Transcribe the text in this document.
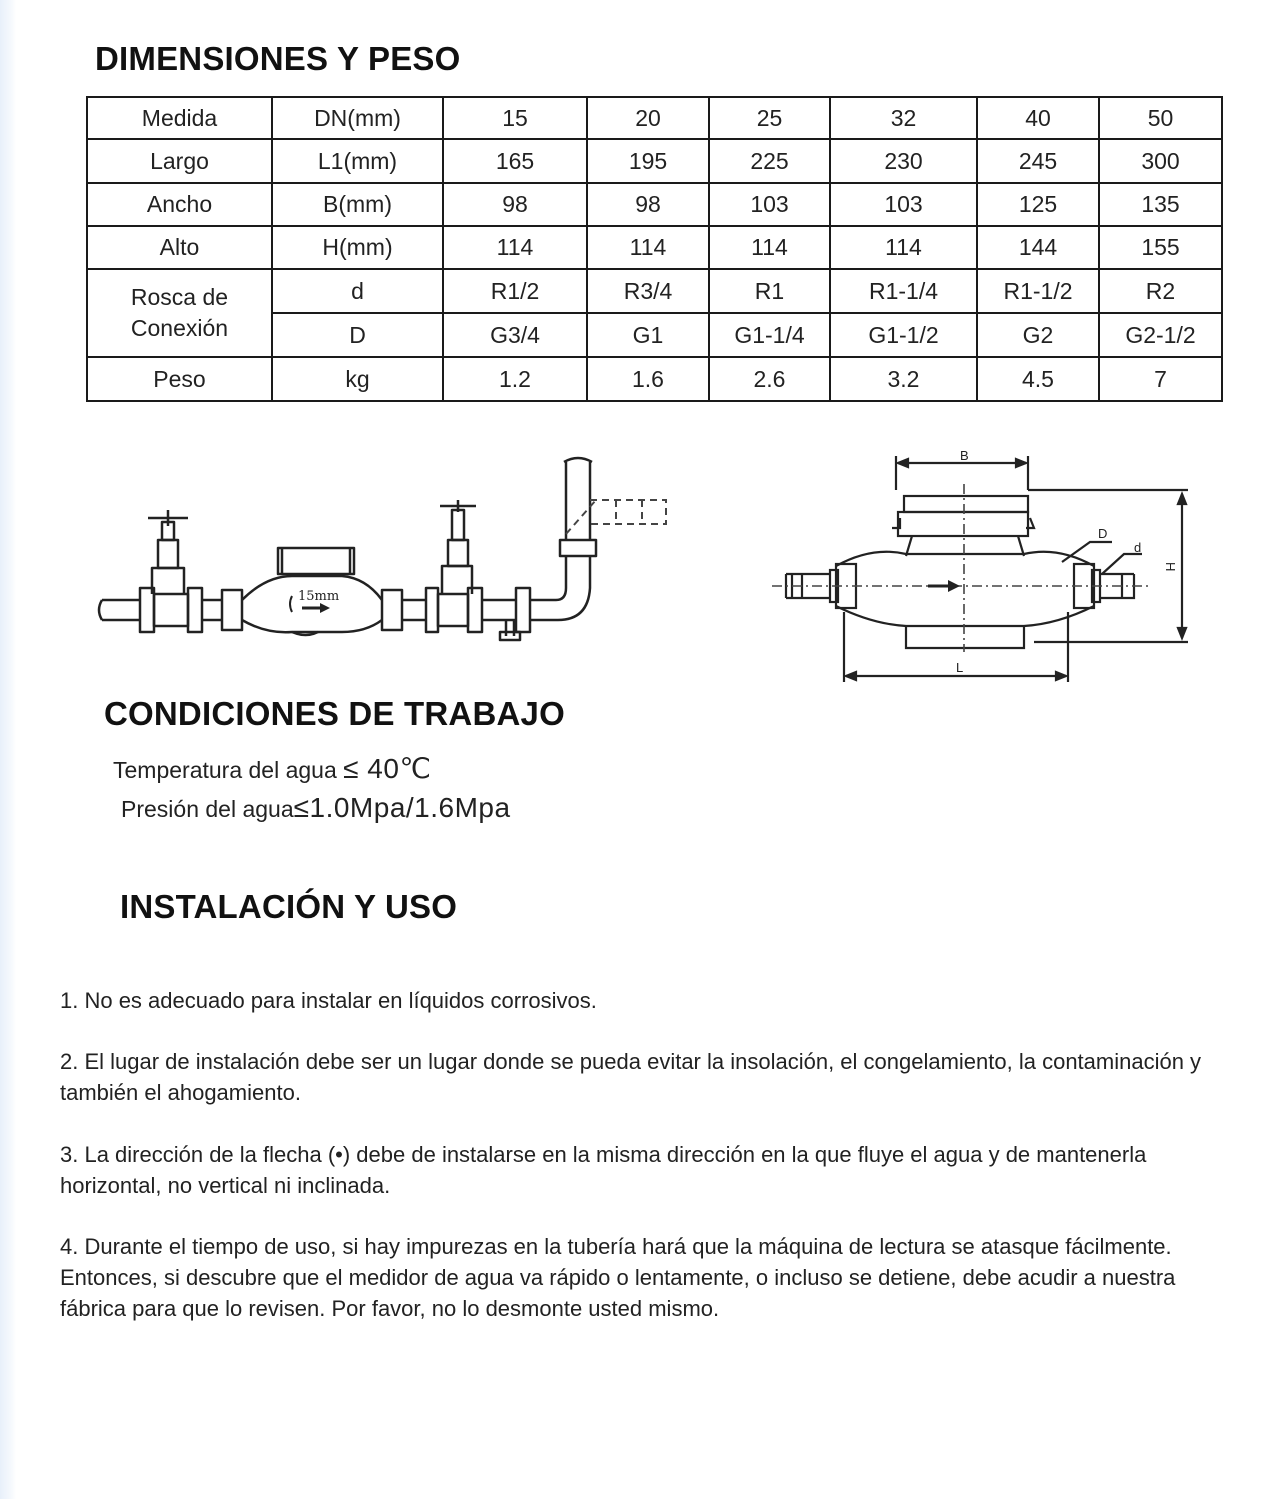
DIMENSIONES Y PESO
Medida	DN(mm)	15	20	25	32	40	50
Largo	L1(mm)	165	195	225	230	245	300
Ancho	B(mm)	98	98	103	103	125	135
Alto	H(mm)	114	114	114	114	144	155
Rosca de
Conexión	d	R1/2	R3/4	R1	R1-1/4	R1-1/2	R2
	D	G3/4	G1	G1-1/4	G1-1/2	G2	G2-1/2
Peso	kg	1.2	1.6	2.6	3.2	4.5	7
15mm
B
H
L
D
d
CONDICIONES DE TRABAJO

Temperatura del agua ≤ 40℃

Presión del agua≤1.0Mpa/1.6Mpa

INSTALACIÓN Y USO

1. No es adecuado para instalar en líquidos corrosivos.

2. El lugar de instalación debe ser un lugar donde se pueda evitar la insolación, el congelamiento, la contaminación y también el ahogamiento.

3. La dirección de la flecha (•) debe de instalarse en la misma dirección en la que fluye el agua y de mantenerla horizontal, no vertical ni inclinada.

4. Durante el tiempo de uso, si hay impurezas en la tubería hará que la máquina de lectura se atasque fácilmente. Entonces, si descubre que el medidor de agua va rápido o lentamente, o incluso se detiene, debe acudir a nuestra fábrica para que lo revisen. Por favor, no lo desmonte usted mismo.
